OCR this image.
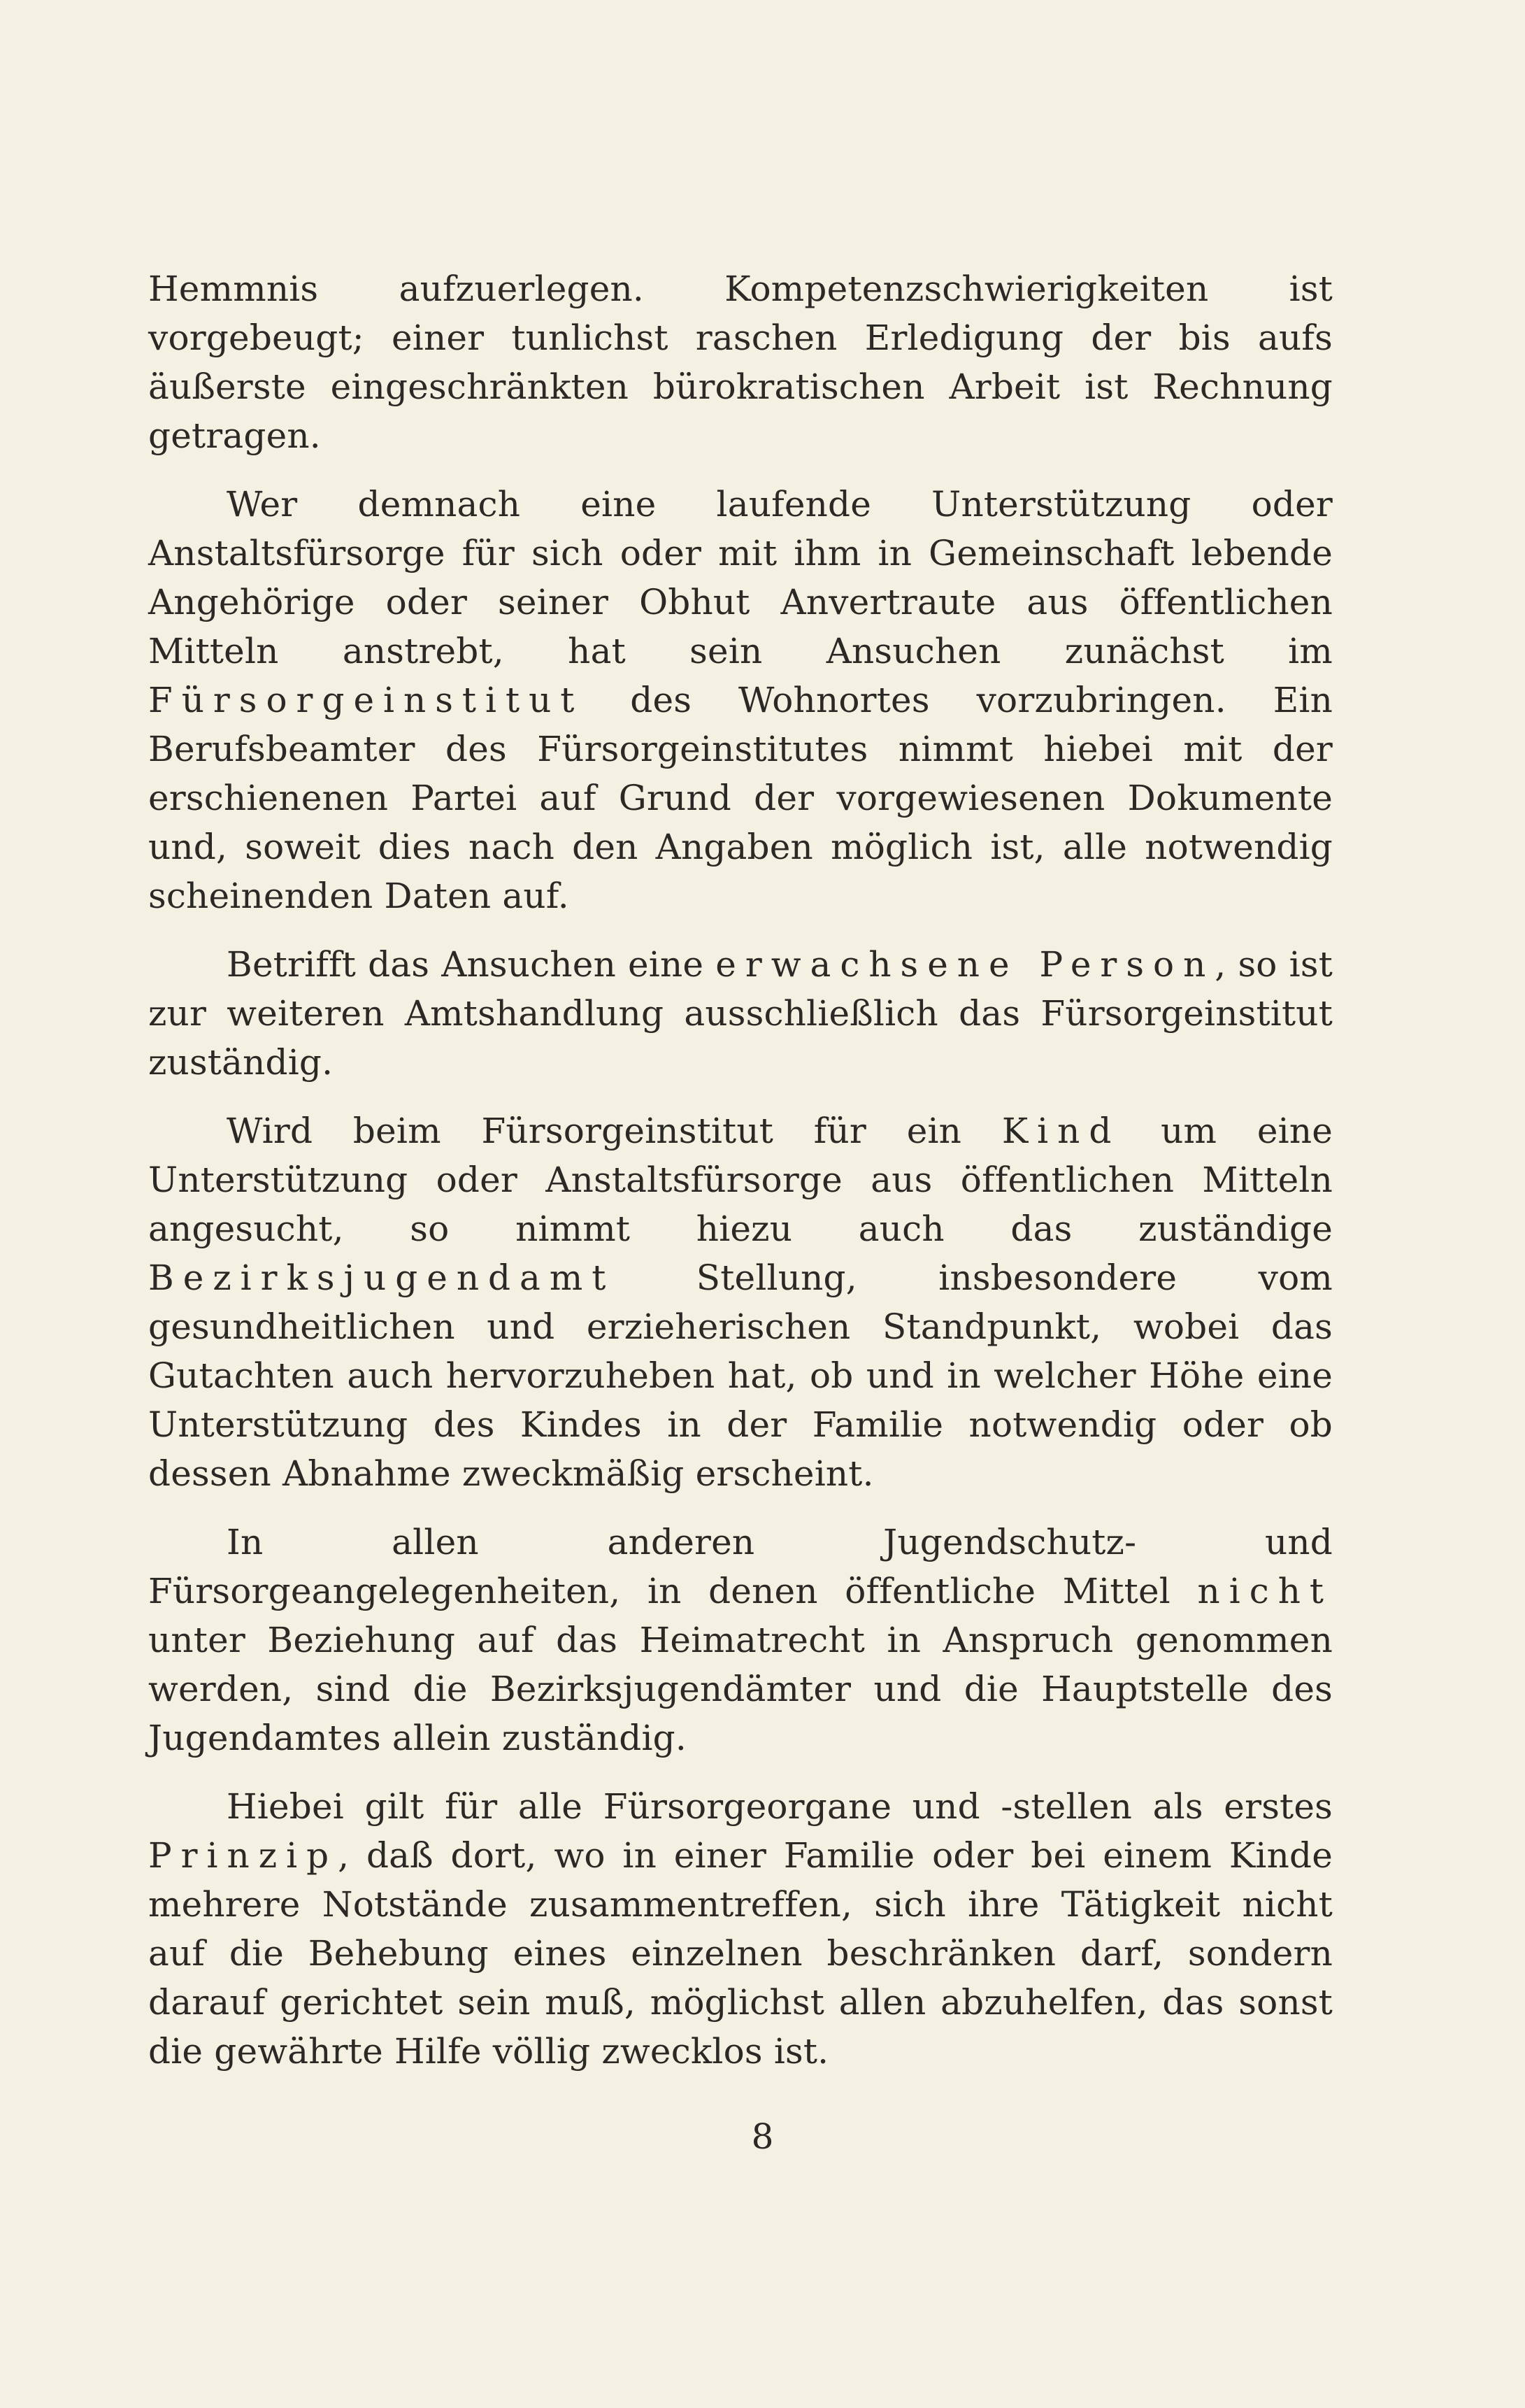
Hemmnis aufzuerlegen. Kompetenzschwierigkeiten ist vorgebeugt; einer tunlichst raschen Erledigung der bis aufs äußerste eingeschränkten bürokratischen Arbeit ist Rechnung getragen.

Wer demnach eine laufende Unterstützung oder Anstaltsfürsorge für sich oder mit ihm in Gemeinschaft lebende Angehörige oder seiner Obhut Anvertraute aus öffentlichen Mitteln anstrebt, hat sein Ansuchen zunächst im Fürsorgeinstitut des Wohnortes vorzubringen. Ein Berufsbeamter des Fürsorgeinstitutes nimmt hiebei mit der erschienenen Partei auf Grund der vorgewiesenen Dokumente und, soweit dies nach den Angaben möglich ist, alle notwendig scheinenden Daten auf.

Betrifft das Ansuchen eine erwachsene Person, so ist zur weiteren Amtshandlung ausschließlich das Fürsorgeinstitut zuständig.

Wird beim Fürsorgeinstitut für ein Kind um eine Unterstützung oder Anstaltsfürsorge aus öffentlichen Mitteln angesucht, so nimmt hiezu auch das zuständige Bezirksjugendamt Stellung, insbesondere vom gesundheitlichen und erzieherischen Standpunkt, wobei das Gutachten auch hervorzuheben hat, ob und in welcher Höhe eine Unterstützung des Kindes in der Familie notwendig oder ob dessen Abnahme zweckmäßig erscheint.

In allen anderen Jugendschutz- und Fürsorgeangelegenheiten, in denen öffentliche Mittel nicht unter Beziehung auf das Heimatrecht in Anspruch genommen werden, sind die Bezirksjugendämter und die Hauptstelle des Jugendamtes allein zuständig.

Hiebei gilt für alle Fürsorgeorgane und -stellen als erstes Prinzip, daß dort, wo in einer Familie oder bei einem Kinde mehrere Notstände zusammentreffen, sich ihre Tätigkeit nicht auf die Behebung eines einzelnen beschränken darf, sondern darauf gerichtet sein muß, möglichst allen abzuhelfen, das sonst die gewährte Hilfe völlig zwecklos ist.

8
